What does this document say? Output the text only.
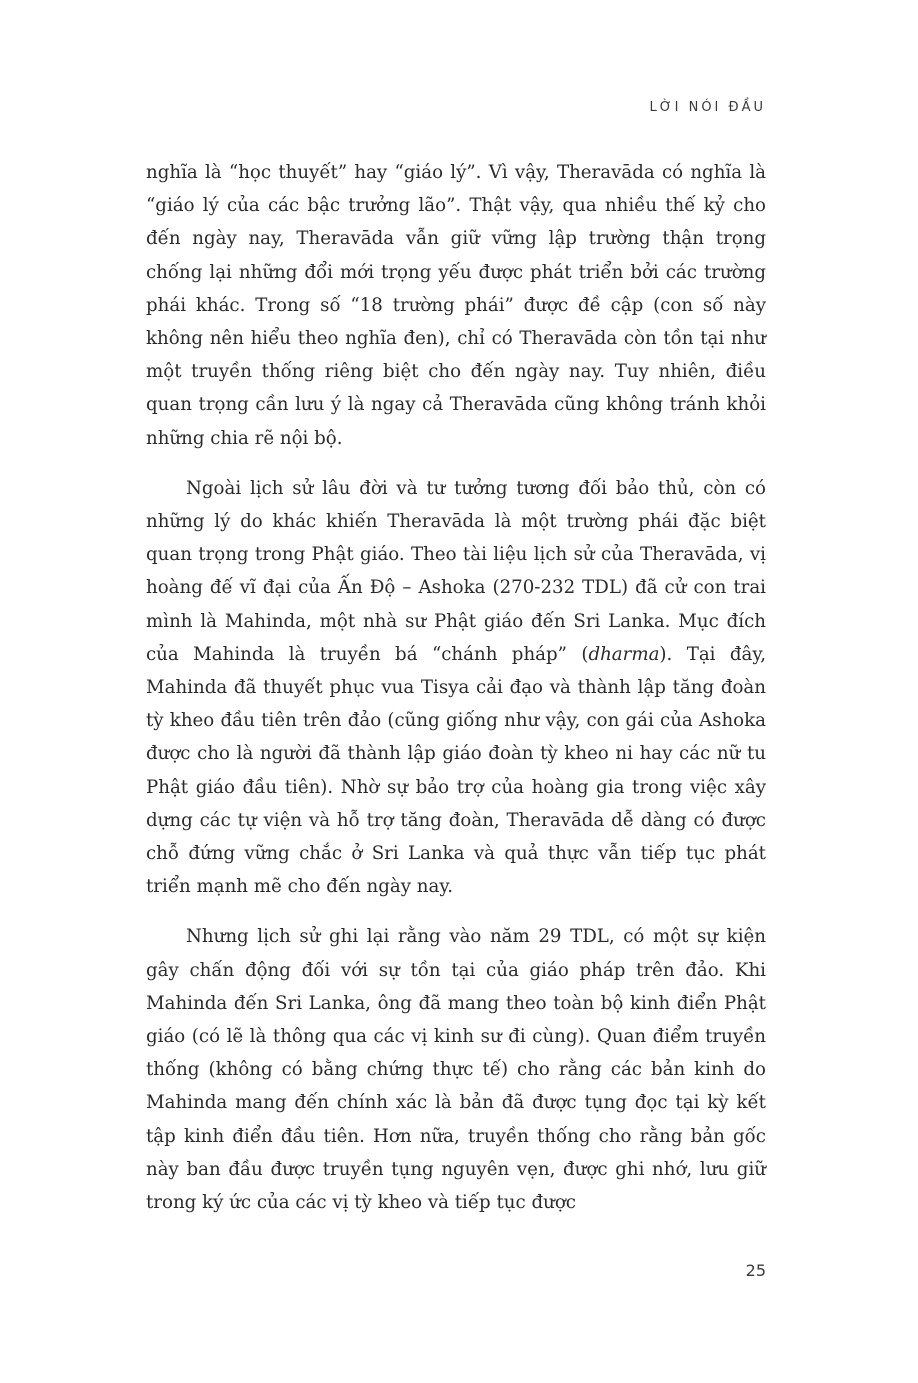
LỜI NÓI ĐẦU

nghĩa là “học thuyết” hay “giáo lý”. Vì vậy, Theravāda có nghĩa là “giáo lý của các bậc trưởng lão”. Thật vậy, qua nhiều thế kỷ cho đến ngày nay, Theravāda vẫn giữ vững lập trường thận trọng chống lại những đổi mới trọng yếu được phát triển bởi các trường phái khác. Trong số “18 trường phái” được đề cập (con số này không nên hiểu theo nghĩa đen), chỉ có Theravāda còn tồn tại như một truyền thống riêng biệt cho đến ngày nay. Tuy nhiên, điều quan trọng cần lưu ý là ngay cả Theravāda cũng không tránh khỏi những chia rẽ nội bộ.

Ngoài lịch sử lâu đời và tư tưởng tương đối bảo thủ, còn có những lý do khác khiến Theravāda là một trường phái đặc biệt quan trọng trong Phật giáo. Theo tài liệu lịch sử của Theravāda, vị hoàng đế vĩ đại của Ấn Độ – Ashoka (270-232 TDL) đã cử con trai mình là Mahinda, một nhà sư Phật giáo đến Sri Lanka. Mục đích của Mahinda là truyền bá “chánh pháp” (dharma). Tại đây, Mahinda đã thuyết phục vua Tisya cải đạo và thành lập tăng đoàn tỳ kheo đầu tiên trên đảo (cũng giống như vậy, con gái của Ashoka được cho là người đã thành lập giáo đoàn tỳ kheo ni hay các nữ tu Phật giáo đầu tiên). Nhờ sự bảo trợ của hoàng gia trong việc xây dựng các tự viện và hỗ trợ tăng đoàn, Theravāda dễ dàng có được chỗ đứng vững chắc ở Sri Lanka và quả thực vẫn tiếp tục phát triển mạnh mẽ cho đến ngày nay.

Nhưng lịch sử ghi lại rằng vào năm 29 TDL, có một sự kiện gây chấn động đối với sự tồn tại của giáo pháp trên đảo. Khi Mahinda đến Sri Lanka, ông đã mang theo toàn bộ kinh điển Phật giáo (có lẽ là thông qua các vị kinh sư đi cùng). Quan điểm truyền thống (không có bằng chứng thực tế) cho rằng các bản kinh do Mahinda mang đến chính xác là bản đã được tụng đọc tại kỳ kết tập kinh điển đầu tiên. Hơn nữa, truyền thống cho rằng bản gốc này ban đầu được truyền tụng nguyên vẹn, được ghi nhớ, lưu giữ trong ký ức của các vị tỳ kheo và tiếp tục được

25
